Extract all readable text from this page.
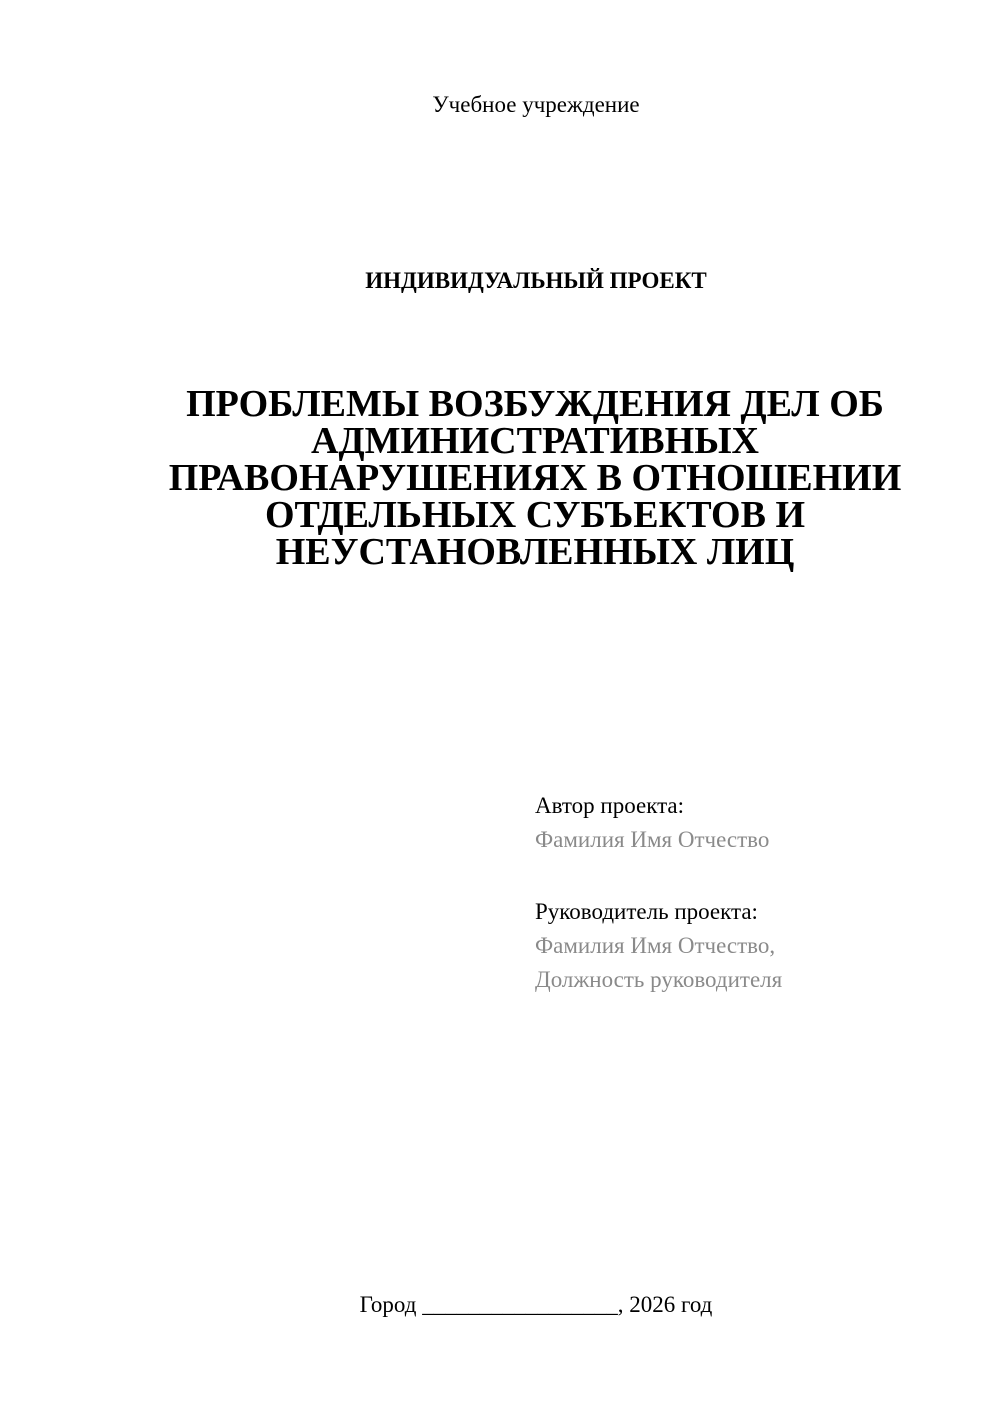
Учебное учреждение
ИНДИВИДУАЛЬНЫЙ ПРОЕКТ
ПРОБЛЕМЫ ВОЗБУЖДЕНИЯ ДЕЛ ОБ
АДМИНИСТРАТИВНЫХ
ПРАВОНАРУШЕНИЯХ В ОТНОШЕНИИ
ОТДЕЛЬНЫХ СУБЪЕКТОВ И
НЕУСТАНОВЛЕННЫХ ЛИЦ
Автор проекта:
Фамилия Имя Отчество
Руководитель проекта:
Фамилия Имя Отчество,
Должность руководителя
Город _________________, 2026 год
